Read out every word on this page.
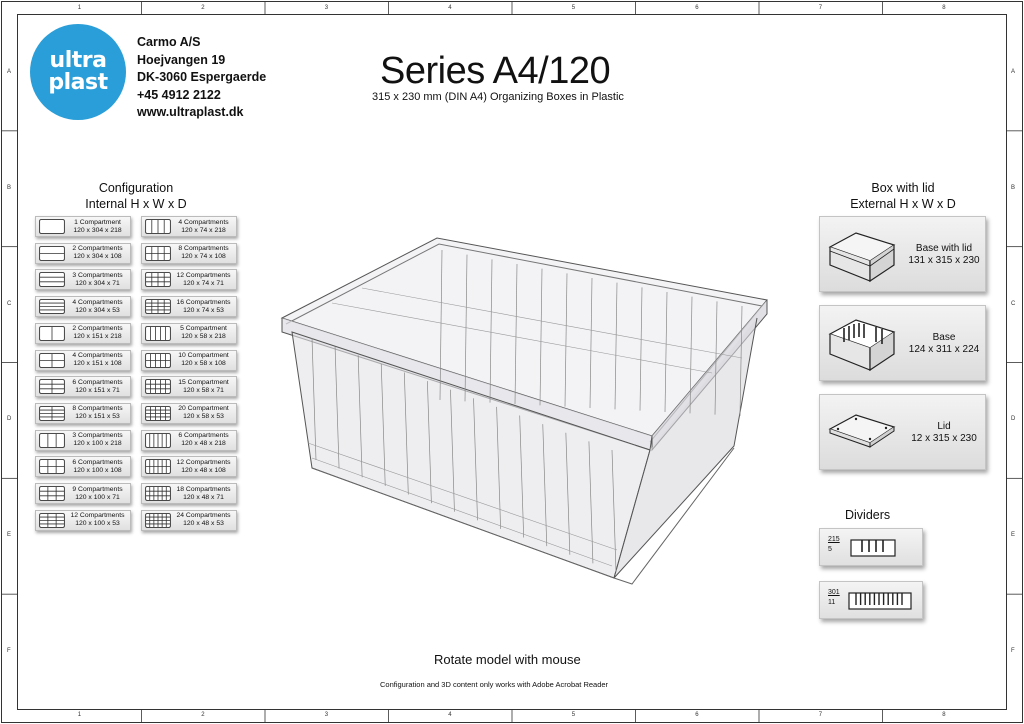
1
1
2
2
3
3
4
4
5
5
6
6
7
7
8
8
A	A
B	B
C	C
D	D
E	E
F	F
ultra
plast
Carmo A/S
Hoejvangen 19
DK-3060 Espergaerde
+45 4912 2122
www.ultraplast.dk
Series A4/120
315 x 230 mm (DIN A4) Organizing Boxes in Plastic
Configuration
Internal H x W x D
1 Compartment
120 x 304 x 218
2 Compartments
120 x 304 x 108
3 Compartments
120 x 304 x 71
4 Compartments
120 x 304 x 53
2 Compartments
120 x 151 x 218
4 Compartments
120 x 151 x 108
6 Compartments
120 x 151 x 71
8 Compartments
120 x 151 x 53
3 Compartments
120 x 100 x 218
6 Compartments
120 x 100 x 108
9 Compartments
120 x 100 x 71
12 Compartments
120 x 100 x 53
4 Compartments
120 x 74 x 218
8 Compartments
120 x 74 x 108
12 Compartments
120 x 74 x 71
16 Compartments
120 x 74 x 53
5 Compartment
120 x 58 x 218
10 Compartment
120 x 58 x 108
15 Compartment
120 x 58 x 71
20 Compartment
120 x 58 x 53
6 Compartments
120 x 48 x 218
12 Compartments
120 x 48 x 108
18 Compartments
120 x 48 x 71
24 Compartments
120 x 48 x 53
Box with lid
External H x W x D
Base with lid
131 x 315 x 230
Base
124 x 311 x 224
Lid
12 x 315 x 230
Dividers
$\frac{215}{5}$
$\frac{301}{11}$
Rotate model with mouse
Configuration and 3D content only works with Adobe Acrobat Reader
